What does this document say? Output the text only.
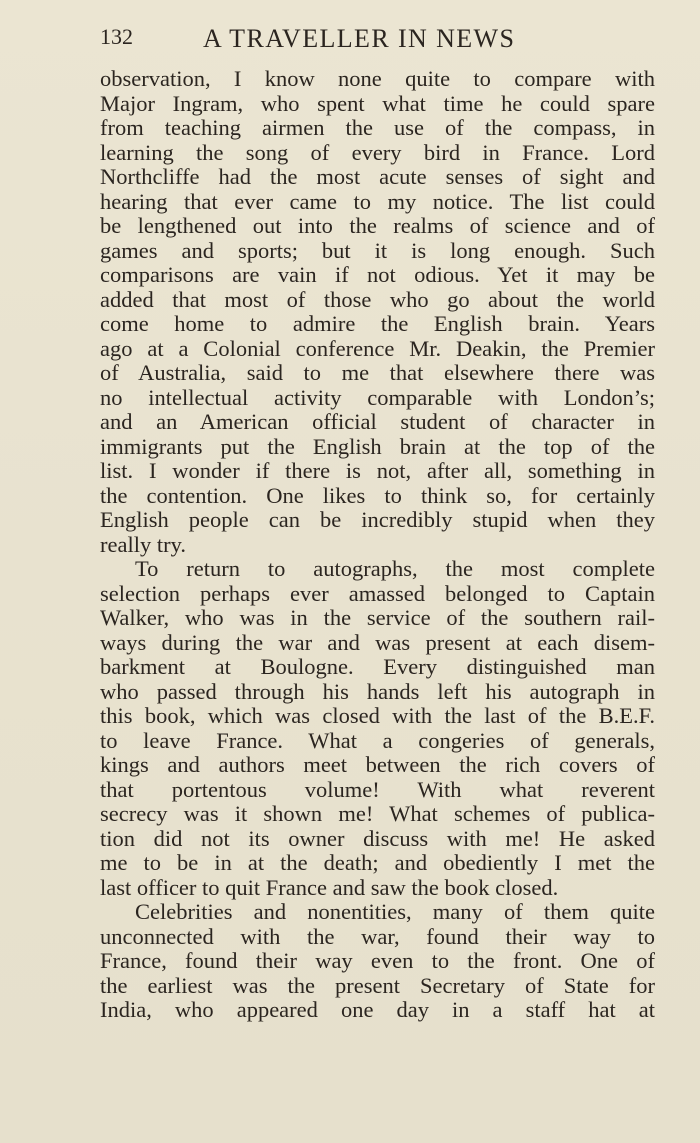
132	A TRAVELLER IN NEWS
observation, I know none quite to compare with
Major Ingram, who spent what time he could spare
from teaching airmen the use of the compass, in
learning the song of every bird in France. Lord
Northcliffe had the most acute senses of sight and
hearing that ever came to my notice. The list could
be lengthened out into the realms of science and of
games and sports; but it is long enough. Such
comparisons are vain if not odious. Yet it may be
added that most of those who go about the world
come home to admire the English brain. Years
ago at a Colonial conference Mr. Deakin, the Premier
of Australia, said to me that elsewhere there was
no intellectual activity comparable with London’s;
and an American official student of character in
immigrants put the English brain at the top of the
list. I wonder if there is not, after all, something in
the contention. One likes to think so, for certainly
English people can be incredibly stupid when they
really try.
To return to autographs, the most complete
selection perhaps ever amassed belonged to Captain
Walker, who was in the service of the southern rail-
ways during the war and was present at each disem-
barkment at Boulogne. Every distinguished man
who passed through his hands left his autograph in
this book, which was closed with the last of the B.E.F.
to leave France. What a congeries of generals,
kings and authors meet between the rich covers of
that portentous volume! With what reverent
secrecy was it shown me! What schemes of publica-
tion did not its owner discuss with me! He asked
me to be in at the death; and obediently I met the
last officer to quit France and saw the book closed.
Celebrities and nonentities, many of them quite
unconnected with the war, found their way to
France, found their way even to the front. One of
the earliest was the present Secretary of State for
India, who appeared one day in a staff hat at
